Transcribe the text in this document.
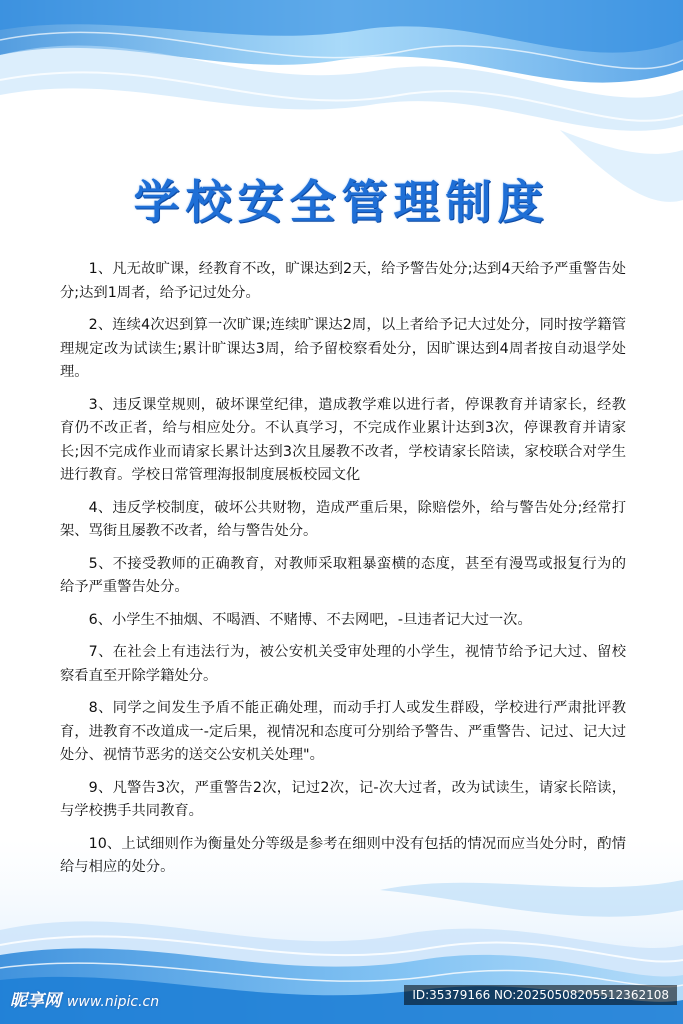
学校安全管理制度

1、凡无故旷课，经教育不改，旷课达到2天，给予警告处分;达到4天给予严重警告处分;达到1周者，给予记过处分。

2、连续4次迟到算一次旷课;连续旷课达2周，以上者给予记大过处分，同时按学籍管理规定改为试读生;累计旷课达3周，给予留校察看处分，因旷课达到4周者按自动退学处理。

3、违反课堂规则，破坏课堂纪律，遣成教学难以进行者，停课教育并请家长，经教育仍不改正者，给与相应处分。不认真学习，不完成作业累计达到3次，停课教育并请家长;因不完成作业而请家长累计达到3次且屡教不改者，学校请家长陪读，家校联合对学生进行教育。学校日常管理海报制度展板校园文化

4、违反学校制度，破坏公共财物，造成严重后果，除赔偿外，给与警告处分;经常打架、骂街且屡教不改者，给与警告处分。

5、不接受教师的正确教育，对教师采取粗暴蛮横的态度，甚至有漫骂或报复行为的给予严重警告处分。

6、小学生不抽烟、不喝酒、不赌博、不去网吧，-旦违者记大过一次。

7、在社会上有违法行为，被公安机关受审处理的小学生，视情节给予记大过、留校察看直至开除学籍处分。

8、同学之间发生予盾不能正确处理，而动手打人或发生群殴，学校进行严肃批评教育，进教育不改道成一-定后果，视情况和态度可分别给予警告、严重警告、记过、记大过处分、视情节恶劣的送交公安机关处理"。

9、凡警告3次，严重警告2次，记过2次，记-次大过者，改为试读生，请家长陪读，与学校携手共同教育。

10、上试细则作为衡量处分等级是参考在细则中没有包括的情况而应当处分时，酌情给与相应的处分。

昵享网 www.nipic.cn	ID:35379166 NO:20250508205512362108
